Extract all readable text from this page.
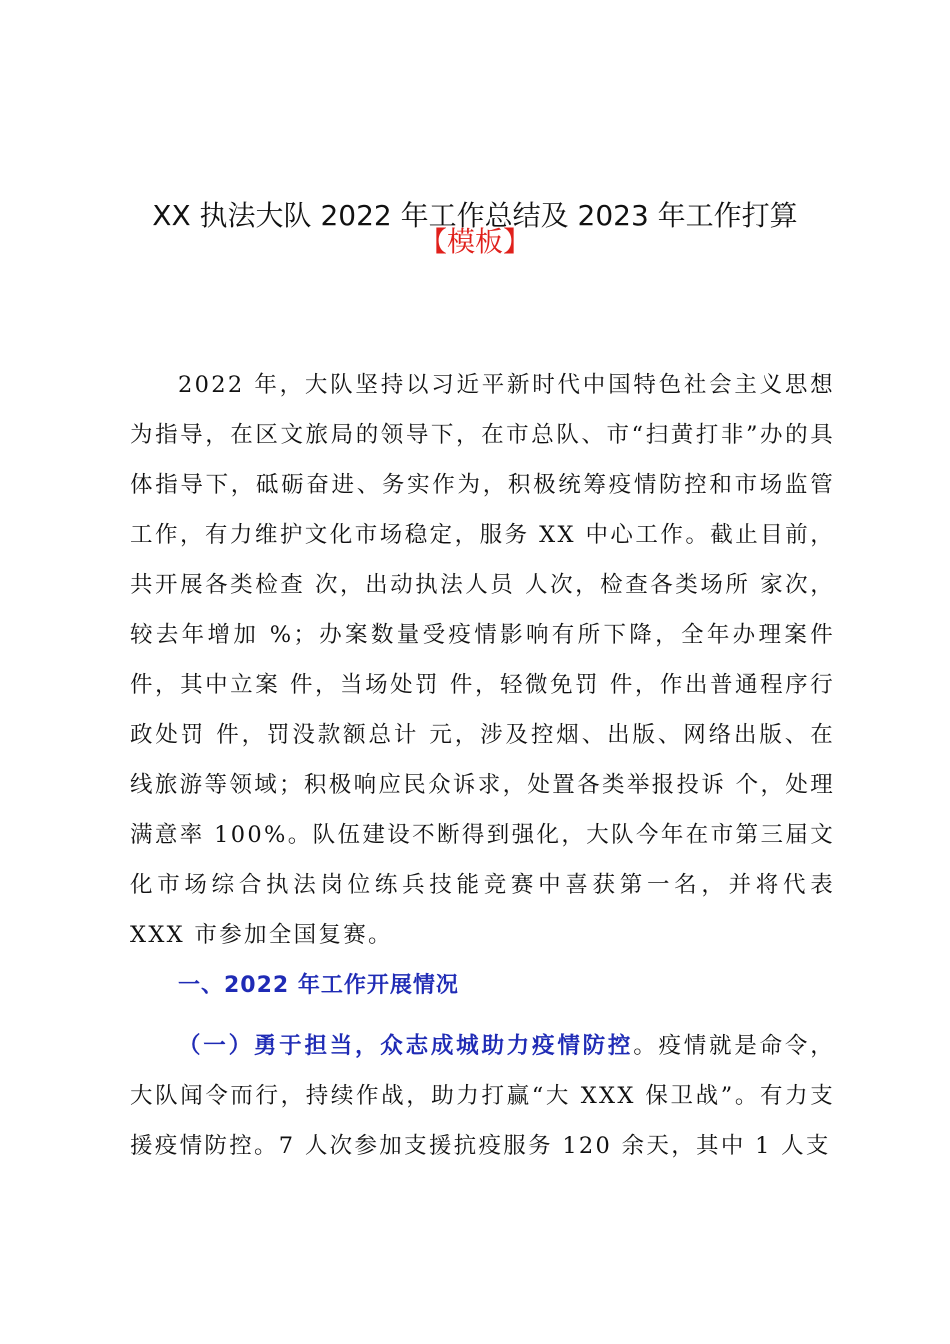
XX 执法大队 2022 年工作总结及 2023 年工作打算
【模板】

2022 年，大队坚持以习近平新时代中国特色社会主义思想为指导，在区文旅局的领导下，在市总队、市“扫黄打非”办的具体指导下，砥砺奋进、务实作为，积极统筹疫情防控和市场监管工作，有力维护文化市场稳定，服务 XX 中心工作。截止目前，共开展各类检查 次，出动执法人员 人次，检查各类场所 家次，较去年增加 %；办案数量受疫情影响有所下降，全年办理案件 件，其中立案 件，当场处罚 件，轻微免罚 件，作出普通程序行政处罚 件，罚没款额总计 元，涉及控烟、出版、网络出版、在线旅游等领域；积极响应民众诉求，处置各类举报投诉 个，处理满意率 100%。队伍建设不断得到强化，大队今年在市第三届文化市场综合执法岗位练兵技能竞赛中喜获第一名，并将代表 XXX 市参加全国复赛。

一、2022 年工作开展情况

（一）勇于担当，众志成城助力疫情防控。疫情就是命令，大队闻令而行，持续作战，助力打赢“大 XXX 保卫战”。有力支援疫情防控。7 人次参加支援抗疫服务 120 余天，其中 1 人支
